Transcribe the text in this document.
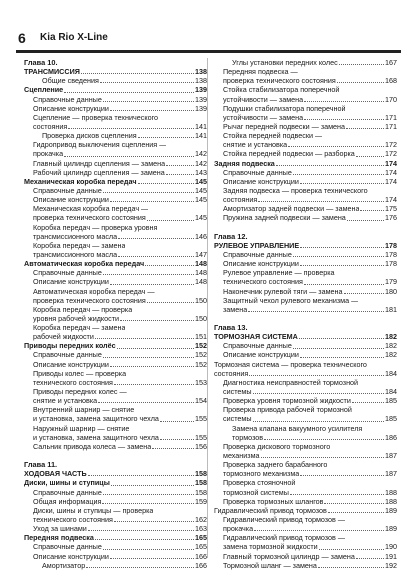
6 Kia Rio X-Line
Глава 10.
ТРАНСМИССИЯ	138
Общие сведения	138
Сцепление	139
Справочные данные	139
Описание конструкции	139
Сцепление — проверка технического
состояния	141
Проверка дисков сцепления	141
Гидропривод выключения сцепления —
прокачка	142
Главный цилиндр сцепления — замена	142
Рабочий цилиндр сцепления — замена	143
Механическая коробка передач	145
Справочные данные	145
Описание конструкции	145
Механическая коробка передач —
проверка технического состояния	145
Коробка передач — проверка уровня
трансмиссионного масла	146
Коробка передач — замена
трансмиссионного масла	147
Автоматическая коробка передач	148
Справочные данные	148
Описание конструкции	148
Автоматическая коробка передач —
проверка технического состояния	150
Коробка передач — проверка
уровня рабочей жидкости	150
Коробка передач — замена
рабочей жидкости	151
Приводы передних колёс	152
Справочные данные	152
Описание конструкции	152
Приводы колес — проверка
технического состояния	153
Приводы передних колес —
снятие и установка	154
Внутренний шарнир — снятие
и установка, замена защитного чехла	155
Наружный шарнир — снятие
и установка, замена защитного чехла	155
Сальник привода колеса — замена	156
Глава 11.
ХОДОВАЯ ЧАСТЬ	158
Диски, шины и ступицы	158
Справочные данные	158
Общая информация	159
Диски, шины и ступицы — проверка
технического состояния	162
Уход за шинами	163
Передняя подвеска	165
Справочные данные	165
Описание конструкции	166
Амортизатор	166
Углы установки передних колес	167
Передняя подвеска —
проверка технического состояния	168
Стойка стабилизатора поперечной
устойчивости — замена	170
Подушки стабилизатора поперечной
устойчивости — замена	171
Рычаг передней подвески — замена	171
Стойка передней подвески —
снятие и установка	172
Стойка передней подвески — разборка	172
Задняя подвеска	174
Справочные данные	174
Описание конструкции	174
Задняя подвеска — проверка технического
состояния	174
Амортизатор задней подвески — замена	175
Пружина задней подвески — замена	176
Глава 12.
РУЛЕВОЕ УПРАВЛЕНИЕ	178
Справочные данные	178
Описание конструкции	178
Рулевое управление — проверка
технического состояния	179
Наконечник рулевой тяги — замена	180
Защитный чехол рулевого механизма —
замена	181
Глава 13.
ТОРМОЗНАЯ СИСТЕМА	182
Справочные данные	182
Описание конструкции	182
Тормозная система — проверка технического
состояния	184
Диагностика неисправностей тормозной
системы	184
Проверка уровня тормозной жидкости	185
Проверка привода рабочей тормозной
системы	185
Замена клапана вакуумного усилителя
тормозов	186
Проверка дискового тормозного
механизма	187
Проверка заднего барабанного
тормозного механизма	187
Проверка стояночной
тормозной системы	188
Проверка тормозных шлангов	188
Гидравлический привод тормозов	189
Гидравлический привод тормозов —
прокачка	189
Гидравлический привод тормозов —
замена тормозной жидкости	190
Главный тормозной цилиндр — замена	191
Тормозной шланг — замена	192
